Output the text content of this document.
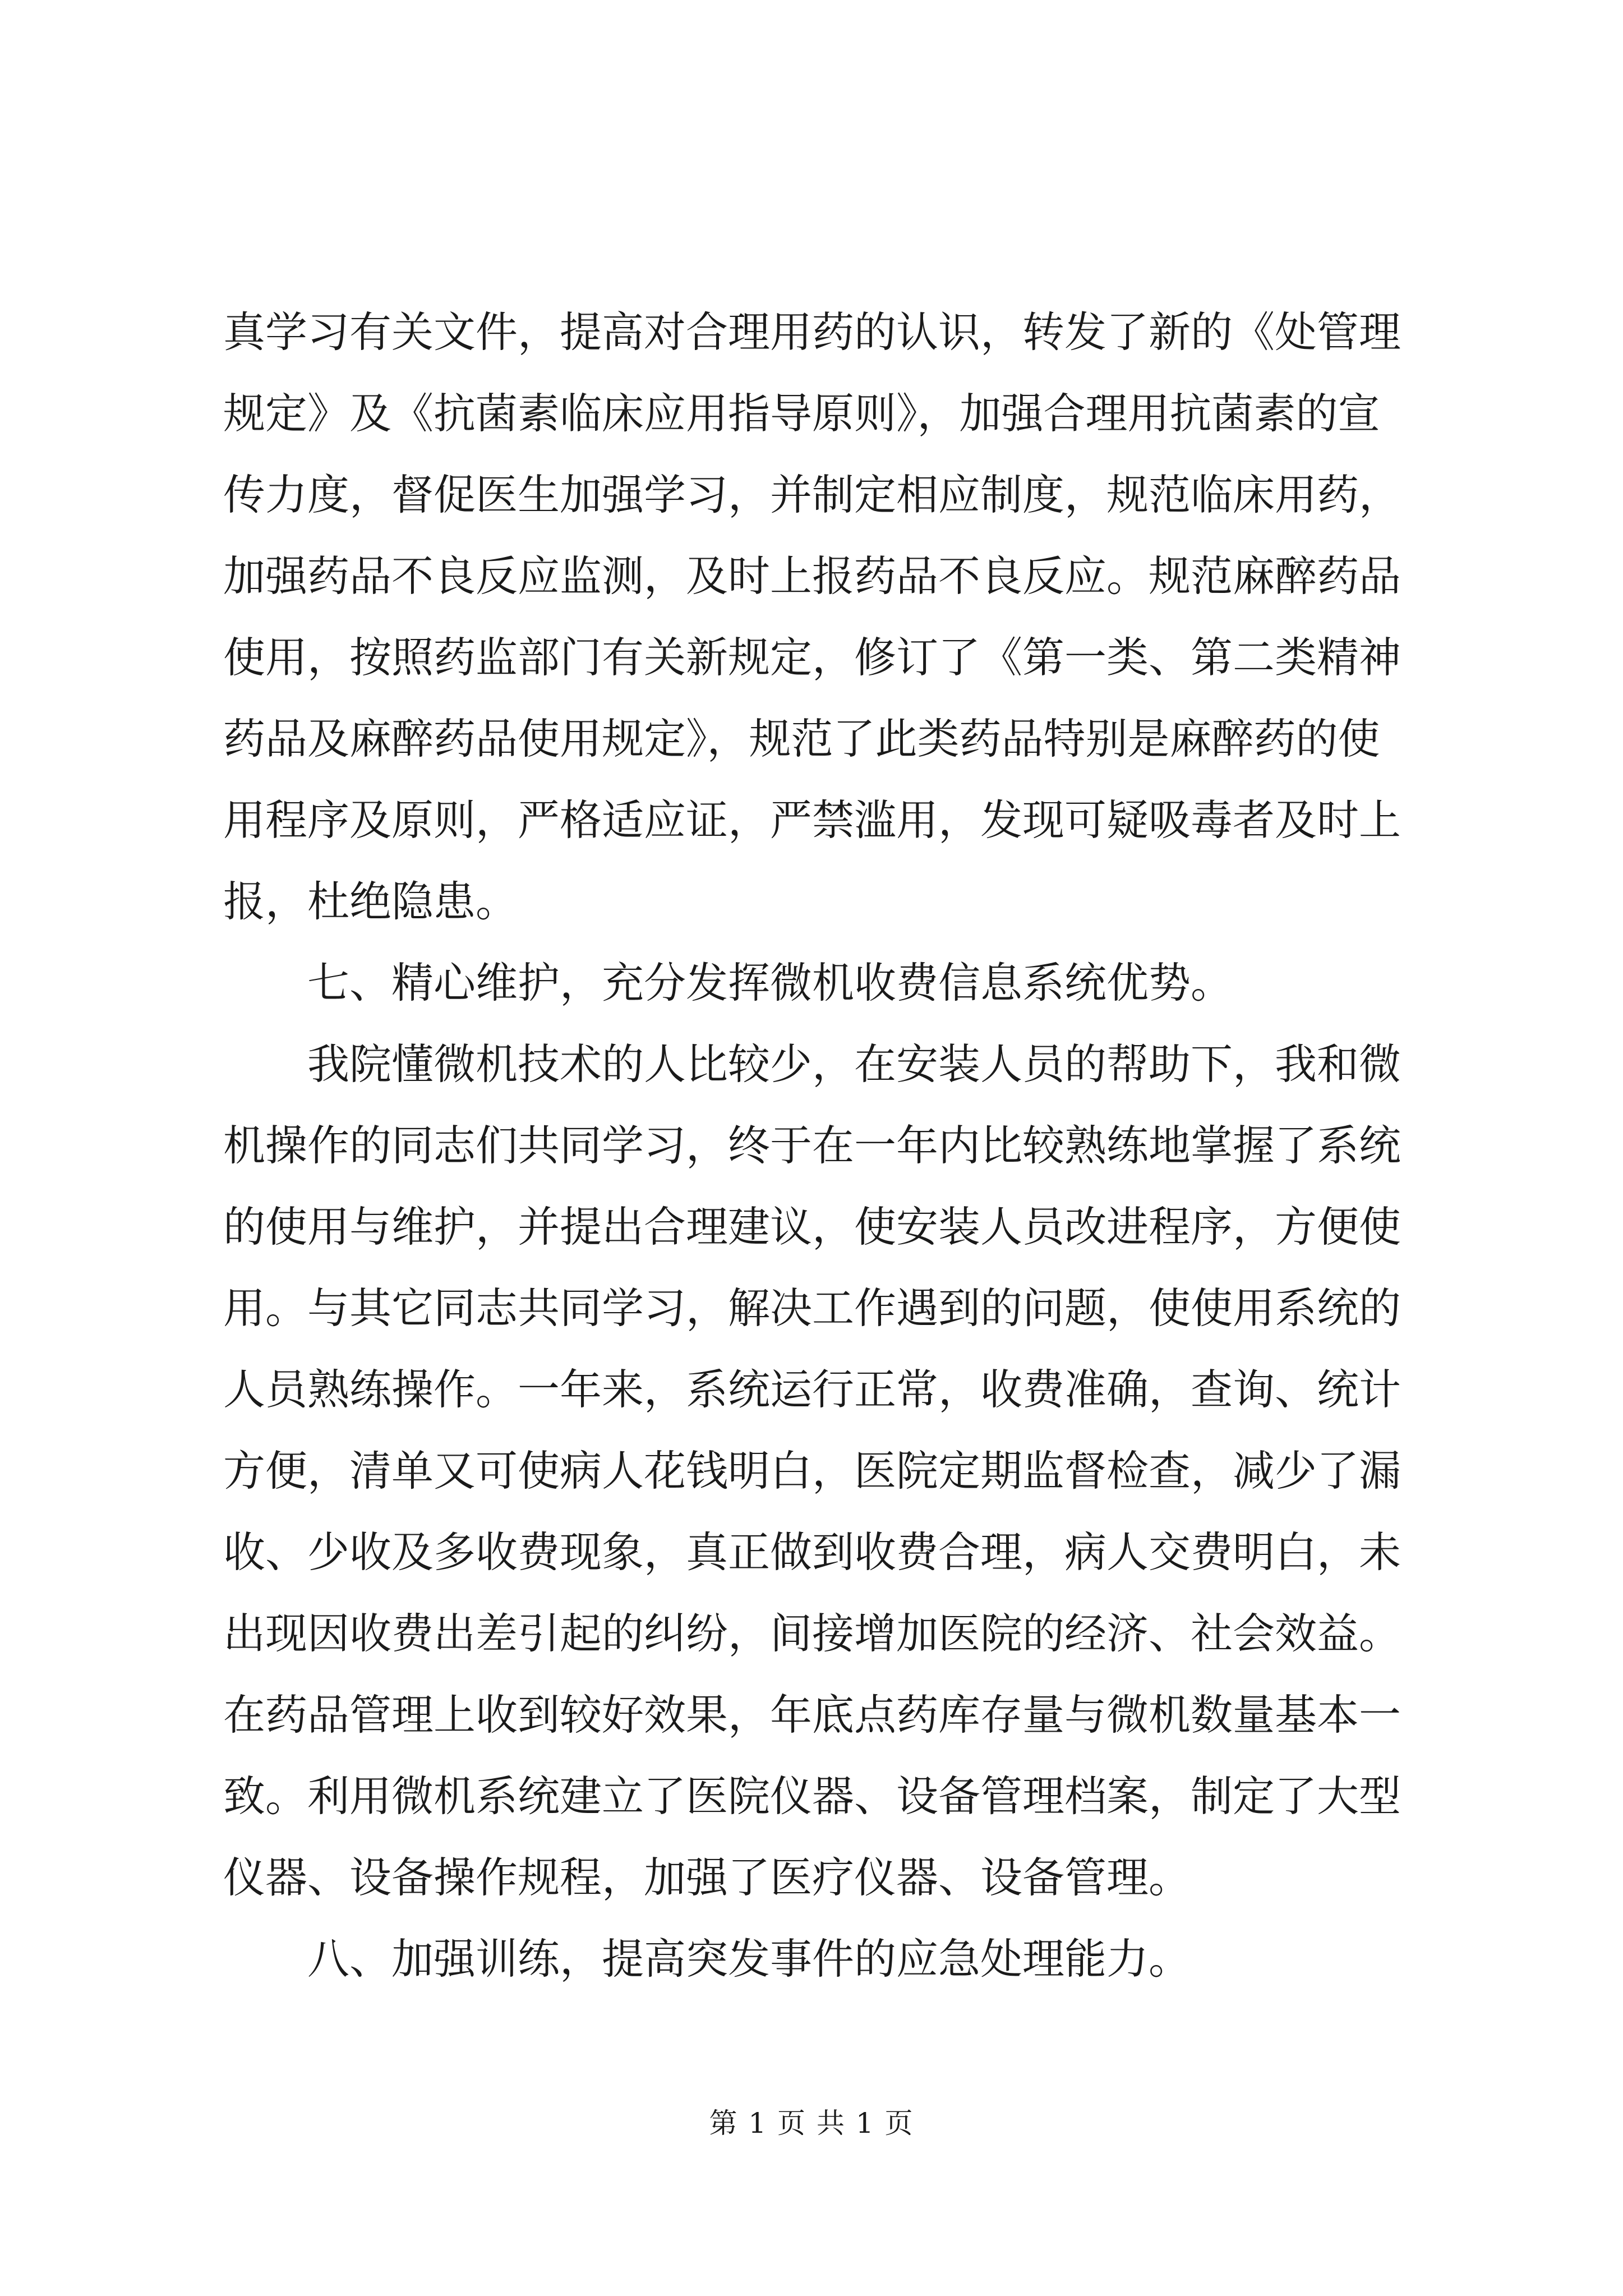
真学习有关文件，提高对合理用药的认识，转发了新的《处管理
规定》及《抗菌素临床应用指导原则》，加强合理用抗菌素的宣
传力度，督促医生加强学习，并制定相应制度，规范临床用药，
加强药品不良反应监测，及时上报药品不良反应。规范麻醉药品
使用，按照药监部门有关新规定，修订了《第一类、第二类精神
药品及麻醉药品使用规定》，规范了此类药品特别是麻醉药的使
用程序及原则，严格适应证，严禁滥用，发现可疑吸毒者及时上
报，杜绝隐患。
七、精心维护，充分发挥微机收费信息系统优势。
我院懂微机技术的人比较少，在安装人员的帮助下，我和微
机操作的同志们共同学习，终于在一年内比较熟练地掌握了系统
的使用与维护，并提出合理建议，使安装人员改进程序，方便使
用。与其它同志共同学习，解决工作遇到的问题，使使用系统的
人员熟练操作。一年来，系统运行正常，收费准确，查询、统计
方便，清单又可使病人花钱明白，医院定期监督检查，减少了漏
收、少收及多收费现象，真正做到收费合理，病人交费明白，未
出现因收费出差引起的纠纷，间接增加医院的经济、社会效益。
在药品管理上收到较好效果，年底点药库存量与微机数量基本一
致。利用微机系统建立了医院仪器、设备管理档案，制定了大型
仪器、设备操作规程，加强了医疗仪器、设备管理。
八、加强训练，提高突发事件的应急处理能力。
第 1 页 共 1 页
